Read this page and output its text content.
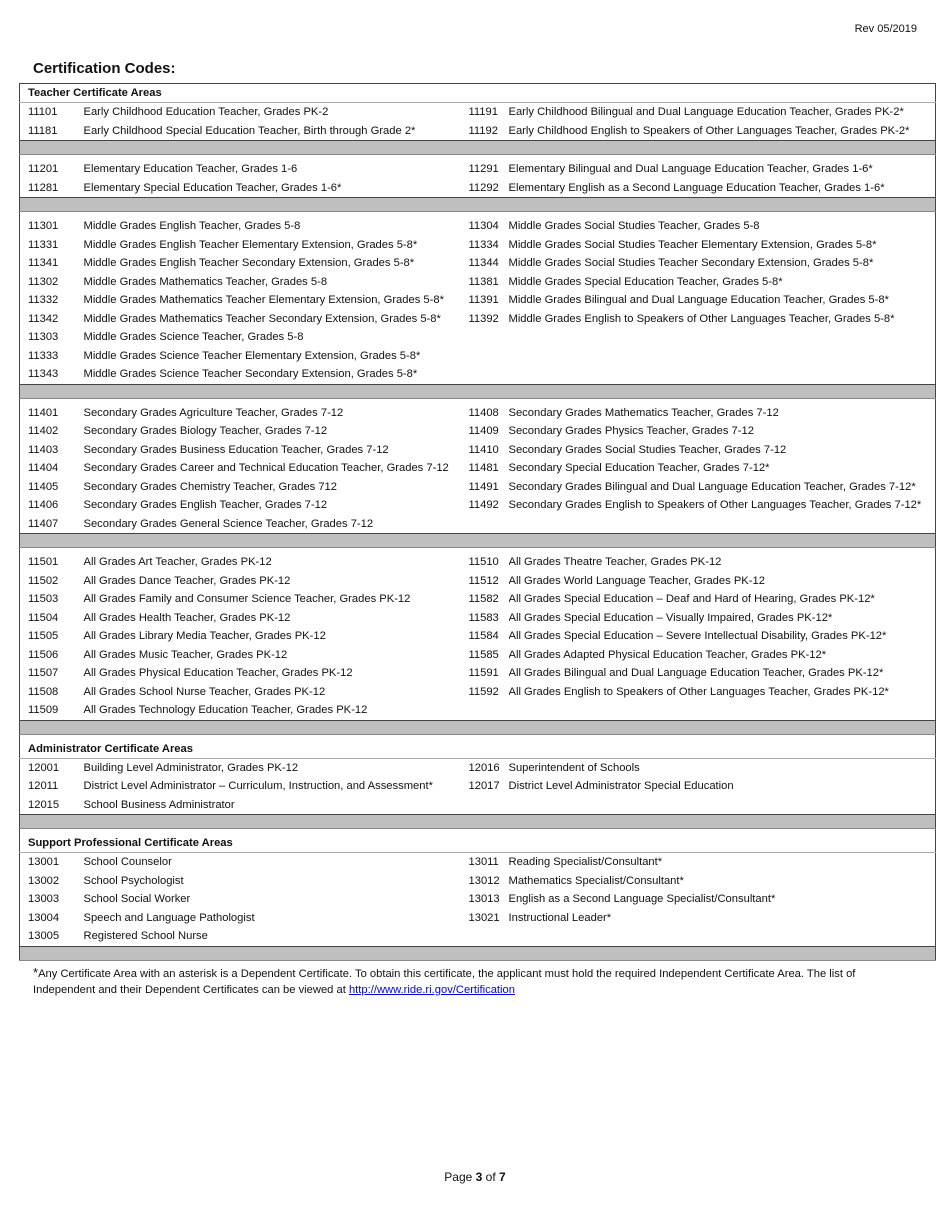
Rev 05/2019
Certification Codes:
Teacher Certificate Areas			
11101	Early Childhood Education Teacher, Grades PK-2	11191	Early Childhood Bilingual and Dual Language Education Teacher, Grades PK-2*
11181	Early Childhood Special Education Teacher, Birth through Grade 2*	11192	Early Childhood English to Speakers of Other Languages Teacher, Grades PK-2*

11201	Elementary Education Teacher, Grades 1-6	11291	Elementary Bilingual and Dual Language Education Teacher, Grades 1-6*
11281	Elementary Special Education Teacher, Grades 1-6*	11292	Elementary English as a Second Language Education Teacher, Grades 1-6*

11301	Middle Grades English Teacher, Grades 5-8	11304	Middle Grades Social Studies Teacher, Grades 5-8
11331	Middle Grades English Teacher Elementary Extension, Grades 5-8*	11334	Middle Grades Social Studies Teacher Elementary Extension, Grades 5-8*
11341	Middle Grades English Teacher Secondary Extension, Grades 5-8*	11344	Middle Grades Social Studies Teacher Secondary Extension, Grades 5-8*
11302	Middle Grades Mathematics Teacher, Grades 5-8	11381	Middle Grades Special Education Teacher, Grades 5-8*
11332	Middle Grades Mathematics Teacher Elementary Extension, Grades 5-8*	11391	Middle Grades Bilingual and Dual Language Education Teacher, Grades 5-8*
11342	Middle Grades Mathematics Teacher Secondary Extension, Grades 5-8*	11392	Middle Grades English to Speakers of Other Languages Teacher, Grades 5-8*
11303	Middle Grades Science Teacher, Grades 5-8		
11333	Middle Grades Science Teacher Elementary Extension, Grades 5-8*		
11343	Middle Grades Science Teacher Secondary Extension, Grades 5-8*		

11401	Secondary Grades Agriculture Teacher, Grades 7-12	11408	Secondary Grades Mathematics Teacher, Grades 7-12
11402	Secondary Grades Biology Teacher, Grades 7-12	11409	Secondary Grades Physics Teacher, Grades 7-12
11403	Secondary Grades Business Education Teacher, Grades 7-12	11410	Secondary Grades Social Studies Teacher, Grades 7-12
11404	Secondary Grades Career and Technical Education Teacher, Grades 7-12	11481	Secondary Special Education Teacher, Grades 7-12*
11405	Secondary Grades Chemistry Teacher, Grades 712	11491	Secondary Grades Bilingual and Dual Language Education Teacher, Grades 7-12*
11406	Secondary Grades English Teacher, Grades 7-12	11492	Secondary Grades English to Speakers of Other Languages Teacher, Grades 7-12*
11407	Secondary Grades General Science Teacher, Grades 7-12		

11501	All Grades Art Teacher, Grades PK-12	11510	All Grades Theatre Teacher, Grades PK-12
11502	All Grades Dance Teacher, Grades PK-12	11512	All Grades World Language Teacher, Grades PK-12
11503	All Grades Family and Consumer Science Teacher, Grades PK-12	11582	All Grades Special Education – Deaf and Hard of Hearing, Grades PK-12*
11504	All Grades Health Teacher, Grades PK-12	11583	All Grades Special Education – Visually Impaired, Grades PK-12*
11505	All Grades Library Media Teacher, Grades PK-12	11584	All Grades Special Education – Severe Intellectual Disability, Grades PK-12*
11506	All Grades Music Teacher, Grades PK-12	11585	All Grades Adapted Physical Education Teacher, Grades PK-12*
11507	All Grades Physical Education Teacher, Grades PK-12	11591	All Grades Bilingual and Dual Language Education Teacher, Grades PK-12*
11508	All Grades School Nurse Teacher, Grades PK-12	11592	All Grades English to Speakers of Other Languages Teacher, Grades PK-12*
11509	All Grades Technology Education Teacher, Grades PK-12		

Administrator Certificate Areas			
12001	Building Level Administrator, Grades PK-12	12016	Superintendent of Schools
12011	District Level Administrator – Curriculum, Instruction, and Assessment*	12017	District Level Administrator Special Education
12015	School Business Administrator		

Support Professional Certificate Areas			
13001	School Counselor	13011	Reading Specialist/Consultant*
13002	School Psychologist	13012	Mathematics Specialist/Consultant*
13003	School Social Worker	13013	English as a Second Language Specialist/Consultant*
13004	Speech and Language Pathologist	13021	Instructional Leader*
13005	Registered School Nurse		

*Any Certificate Area with an asterisk is a Dependent Certificate. To obtain this certificate, the applicant must hold the required Independent Certificate Area. The list of Independent and their Dependent Certificates can be viewed at http://www.ride.ri.gov/Certification
Page 3 of 7
